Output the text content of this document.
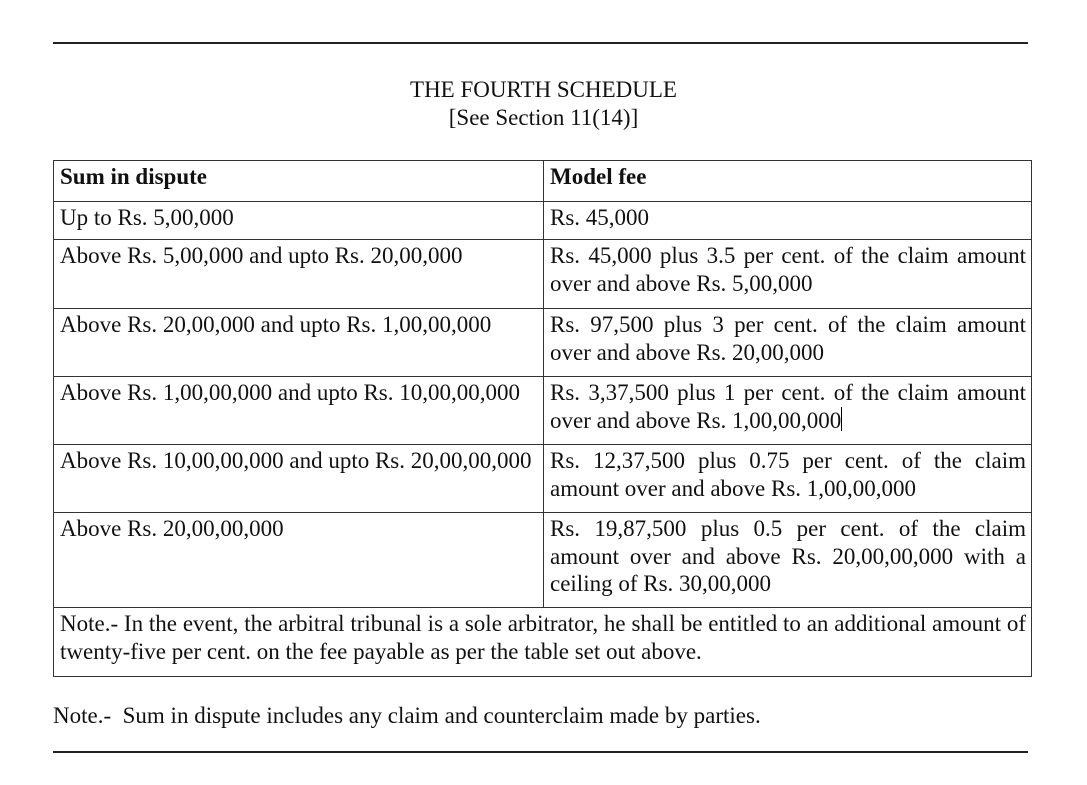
THE FOURTH SCHEDULE
[See Section 11(14)]
Sum in dispute	Model fee
Up to Rs. 5,00,000	Rs. 45,000
Above Rs. 5,00,000 and upto Rs. 20,00,000	Rs. 45,000 plus 3.5 per cent. of the claim amount over and above Rs. 5,00,000
Above Rs. 20,00,000 and upto Rs. 1,00,00,000	Rs. 97,500 plus 3 per cent. of the claim amount over and above Rs. 20,00,000
Above Rs. 1,00,00,000 and upto Rs. 10,00,00,000	Rs. 3,37,500 plus 1 per cent. of the claim amount over and above Rs. 1,00,00,000
Above Rs. 10,00,00,000 and upto Rs. 20,00,00,000	Rs. 12,37,500 plus 0.75 per cent. of the claim amount over and above Rs. 1,00,00,000
Above Rs. 20,00,00,000	Rs. 19,87,500 plus 0.5 per cent. of the claim amount over and above Rs. 20,00,00,000 with a ceiling of Rs. 30,00,000
Note.- In the event, the arbitral tribunal is a sole arbitrator, he shall be entitled to an additional amount of twenty-five per cent. on the fee payable as per the table set out above.	
Note.-  Sum in dispute includes any claim and counterclaim made by parties.
